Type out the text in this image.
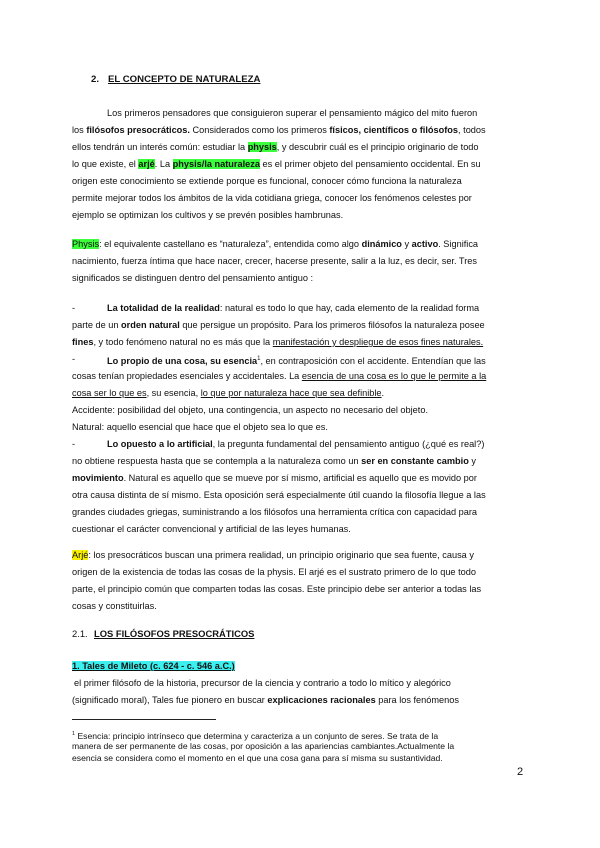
2. EL CONCEPTO DE NATURALEZA
Los primeros pensadores que consiguieron superar el pensamiento mágico del mito fueron
los filósofos presocráticos. Considerados como los primeros físicos, científicos o filósofos, todos
ellos tendrán un interés común: estudiar la physis, y descubrir cuál es el principio originario de todo
lo que existe, el arjé. La physis/la naturaleza es el primer objeto del pensamiento occidental. En su
origen este conocimiento se extiende porque es funcional, conocer cómo funciona la naturaleza
permite mejorar todos los ámbitos de la vida cotidiana griega, conocer los fenómenos celestes por
ejemplo se optimizan los cultivos y se prevén posibles hambrunas.
Physis: el equivalente castellano es “naturaleza”, entendida como algo dinámico y activo. Significa
nacimiento, fuerza íntima que hace nacer, crecer, hacerse presente, salir a la luz, es decir, ser. Tres
significados se distinguen dentro del pensamiento antiguo :
-	La totalidad de la realidad: natural es todo lo que hay, cada elemento de la realidad forma
parte de un orden natural que persigue un propósito. Para los primeros filósofos la naturaleza posee
fines, y todo fenómeno natural no es más que la manifestación y despliegue de esos fines naturales.
-	Lo propio de una cosa, su esencia$^1$, en contraposición con el accidente. Entendían que las
cosas tenían propiedades esenciales y accidentales. La esencia de una cosa es lo que le permite a la
cosa ser lo que es, su esencia, lo que por naturaleza hace que sea definible.
Accidente: posibilidad del objeto, una contingencia, un aspecto no necesario del objeto.
Natural: aquello esencial que hace que el objeto sea lo que es.
-	Lo opuesto a lo artificial, la pregunta fundamental del pensamiento antiguo (¿qué es real?)
no obtiene respuesta hasta que se contempla a la naturaleza como un ser en constante cambio y
movimiento. Natural es aquello que se mueve por sí mismo, artificial es aquello que es movido por
otra causa distinta de sí mismo. Esta oposición será especialmente útil cuando la filosofía llegue a las
grandes ciudades griegas, suministrando a los filósofos una herramienta crítica con capacidad para
cuestionar el carácter convencional y artificial de las leyes humanas.
Arjé: los presocráticos buscan una primera realidad, un principio originario que sea fuente, causa y
origen de la existencia de todas las cosas de la physis. El arjé es el sustrato primero de lo que todo
parte, el principio común que comparten todas las cosas. Este principio debe ser anterior a todas las
cosas y constituirlas.
2.1. LOS FILÓSOFOS PRESOCRÁTICOS
1. Tales de Mileto (c. 624 - c. 546 a.C.)
el primer filósofo de la historia, precursor de la ciencia y contrario a todo lo mítico y alegórico
(significado moral), Tales fue pionero en buscar explicaciones racionales para los fenómenos
$^1$ Esencia: principio intrínseco que determina y caracteriza a un conjunto de seres. Se trata de la
manera de ser permanente de las cosas, por oposición a las apariencias cambiantes.Actualmente la
esencia se considera como el momento en el que una cosa gana para sí misma su sustantividad.
2
